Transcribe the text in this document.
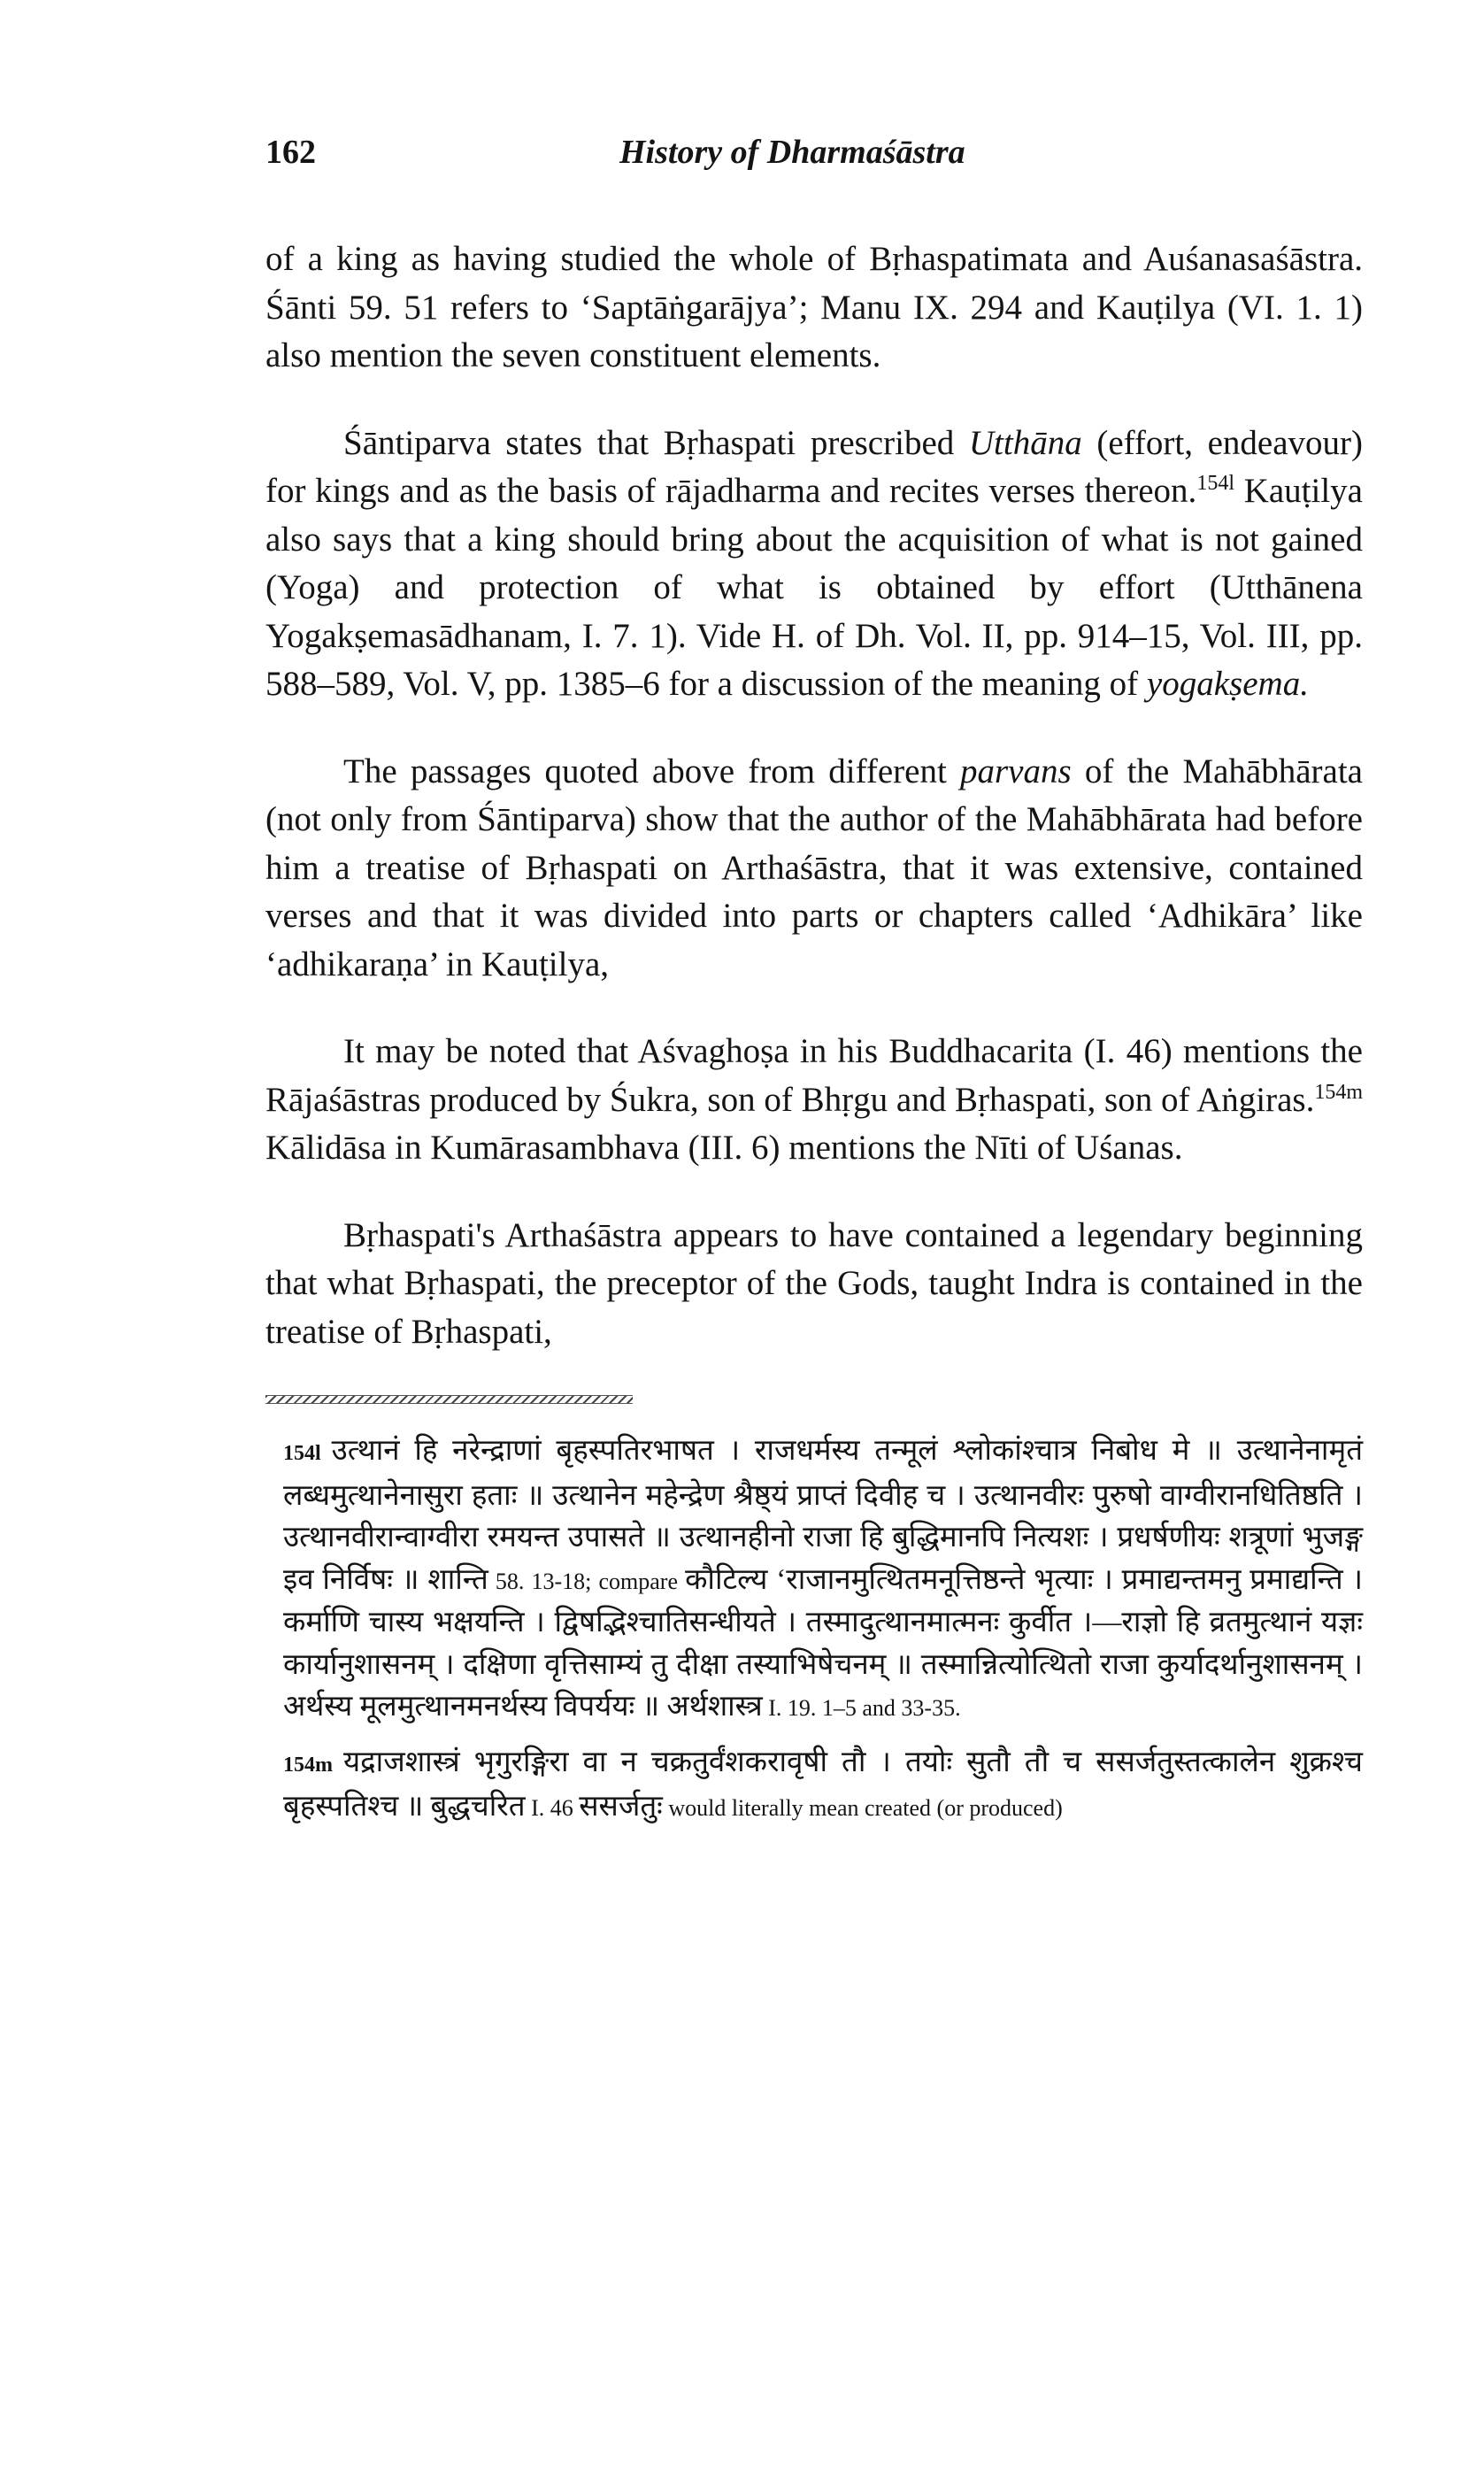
162	History of Dharmaśāstra

of a king as having studied the whole of Bṛhaspatimata and Auśanasaśāstra. Śānti 59. 51 refers to ‘Saptāṅgarājya’; Manu IX. 294 and Kauṭilya (VI. 1. 1) also mention the seven constituent elements.

Śāntiparva states that Bṛhaspati prescribed Utthāna (effort, endeavour) for kings and as the basis of rājadharma and recites verses thereon.$^{154l}$ Kauṭilya also says that a king should bring about the acquisition of what is not gained (Yoga) and protection of what is obtained by effort (Utthānena Yogakṣemasādhanam, I. 7. 1). Vide H. of Dh. Vol. II, pp. 914–15, Vol. III, pp. 588–589, Vol. V, pp. 1385–6 for a discussion of the meaning of yogakṣema.

The passages quoted above from different parvans of the Mahābhārata (not only from Śāntiparva) show that the author of the Mahābhārata had before him a treatise of Bṛhaspati on Arthaśāstra, that it was extensive, contained verses and that it was divided into parts or chapters called ‘Adhikāra’ like ‘adhikaraṇa’ in Kauṭilya,

It may be noted that Aśvaghoṣa in his Buddhacarita (I. 46) mentions the Rājaśāstras produced by Śukra, son of Bhṛgu and Bṛhaspati, son of Aṅgiras.$^{154m}$ Kālidāsa in Kumārasambhava (III. 6) mentions the Nīti of Uśanas.

Bṛhaspati's Arthaśāstra appears to have contained a legendary beginning that what Bṛhaspati, the preceptor of the Gods, taught Indra is contained in the treatise of Bṛhaspati,

154l उत्थानं हि नरेन्द्राणां बृहस्पतिरभाषत । राजधर्मस्य तन्मूलं श्लोकांश्चात्र निबोध मे ॥ उत्थानेनामृतं लब्धमुत्थानेनासुरा हताः ॥ उत्थानेन महेन्द्रेण श्रैष्ठ्यं प्राप्तं दिवीह च । उत्थानवीरः पुरुषो वाग्वीरानधितिष्ठति । उत्थानवीरान्वाग्वीरा रमयन्त उपासते ॥ उत्थानहीनो राजा हि बुद्धिमानपि नित्यशः । प्रधर्षणीयः शत्रूणां भुजङ्ग इव निर्विषः ॥ शान्ति 58. 13-18; compare कौटिल्य ‘राजानमुत्थितमनूत्तिष्ठन्ते भृत्याः । प्रमाद्यन्तमनु प्रमाद्यन्ति । कर्माणि चास्य भक्षयन्ति । द्विषद्भिश्चातिसन्धीयते । तस्मादुत्थानमात्मनः कुर्वीत ।—राज्ञो हि व्रतमुत्थानं यज्ञः कार्यानुशासनम् । दक्षिणा वृत्तिसाम्यं तु दीक्षा तस्याभिषेचनम् ॥ तस्मान्नित्योत्थितो राजा कुर्यादर्थानुशासनम् । अर्थस्य मूलमुत्थानमनर्थस्य विपर्ययः ॥ अर्थशास्त्र I. 19. 1–5 and 33-35.
154m यद्राजशास्त्रं भृगुरङ्गिरा वा न चक्रतुर्वंशकरावृषी तौ । तयोः सुतौ तौ च ससर्जतुस्तत्कालेन शुक्रश्च बृहस्पतिश्च ॥ बुद्धचरित I. 46 ससर्जतुः would literally mean created (or produced)
